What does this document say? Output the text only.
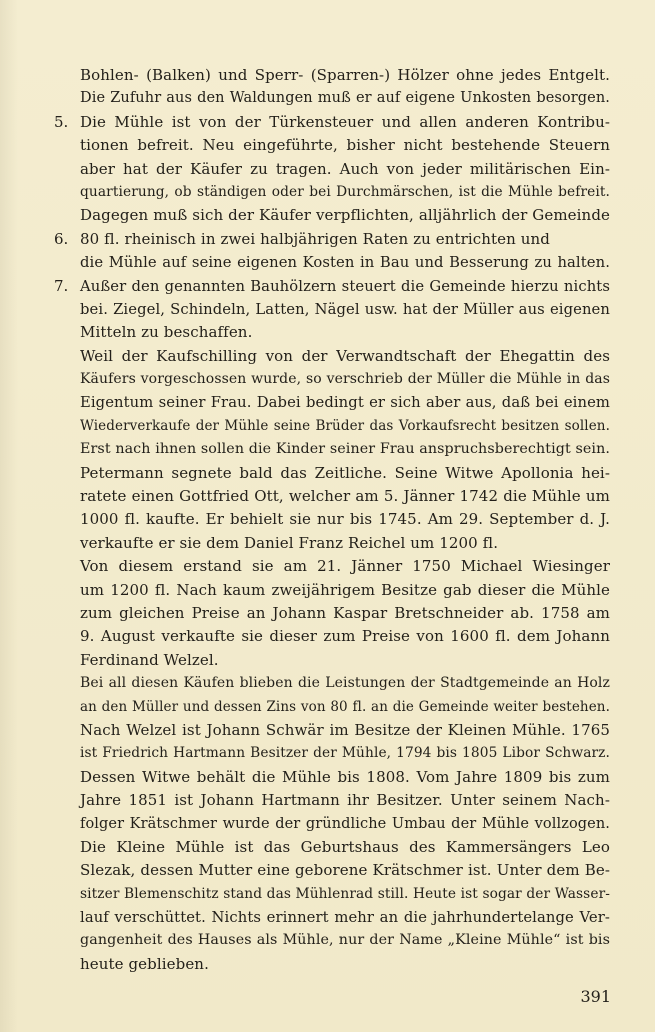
Bohlen- (Balken) und Sperr- (Sparren-) Hölzer ohne jedes Entgelt.
Die Zufuhr aus den Waldungen muß er auf eigene Unkosten besorgen.
Die Mühle ist von der Türkensteuer und allen anderen Kontribu-
tionen befreit. Neu eingeführte, bisher nicht bestehende Steuern
aber hat der Käufer zu tragen. Auch von jeder militärischen Ein-
quartierung, ob ständigen oder bei Durchmärschen, ist die Mühle befreit.
Dagegen muß sich der Käufer verpflichten, alljährlich der Gemeinde
80 fl. rheinisch in zwei halbjährigen Raten zu entrichten und
die Mühle auf seine eigenen Kosten in Bau und Besserung zu halten.
Außer den genannten Bauhölzern steuert die Gemeinde hierzu nichts
bei. Ziegel, Schindeln, Latten, Nägel usw. hat der Müller aus eigenen
Mitteln zu beschaffen.
Weil der Kaufschilling von der Verwandtschaft der Ehegattin des
Käufers vorgeschossen wurde, so verschrieb der Müller die Mühle in das
Eigentum seiner Frau. Dabei bedingt er sich aber aus, daß bei einem
Wiederverkaufe der Mühle seine Brüder das Vorkaufsrecht besitzen sollen.
Erst nach ihnen sollen die Kinder seiner Frau anspruchsberechtigt sein.
Petermann segnete bald das Zeitliche. Seine Witwe Apollonia hei-
ratete einen Gottfried Ott, welcher am 5. Jänner 1742 die Mühle um
1000 fl. kaufte. Er behielt sie nur bis 1745. Am 29. September d. J.
verkaufte er sie dem Daniel Franz Reichel um 1200 fl.
Von diesem erstand sie am 21. Jänner 1750 Michael Wiesinger
um 1200 fl. Nach kaum zweijährigem Besitze gab dieser die Mühle
zum gleichen Preise an Johann Kaspar Bretschneider ab. 1758 am
9. August verkaufte sie dieser zum Preise von 1600 fl. dem Johann
Ferdinand Welzel.
Bei all diesen Käufen blieben die Leistungen der Stadtgemeinde an Holz
an den Müller und dessen Zins von 80 fl. an die Gemeinde weiter bestehen.
Nach Welzel ist Johann Schwär im Besitze der Kleinen Mühle. 1765
ist Friedrich Hartmann Besitzer der Mühle, 1794 bis 1805 Libor Schwarz.
Dessen Witwe behält die Mühle bis 1808. Vom Jahre 1809 bis zum
Jahre 1851 ist Johann Hartmann ihr Besitzer. Unter seinem Nach-
folger Krätschmer wurde der gründliche Umbau der Mühle vollzogen.
Die Kleine Mühle ist das Geburtshaus des Kammersängers Leo
Slezak, dessen Mutter eine geborene Krätschmer ist. Unter dem Be-
sitzer Blemenschitz stand das Mühlenrad still. Heute ist sogar der Wasser-
lauf verschüttet. Nichts erinnert mehr an die jahrhundertelange Ver-
gangenheit des Hauses als Mühle, nur der Name „Kleine Mühle“ ist bis
heute geblieben.
5.
6.
7.
391
